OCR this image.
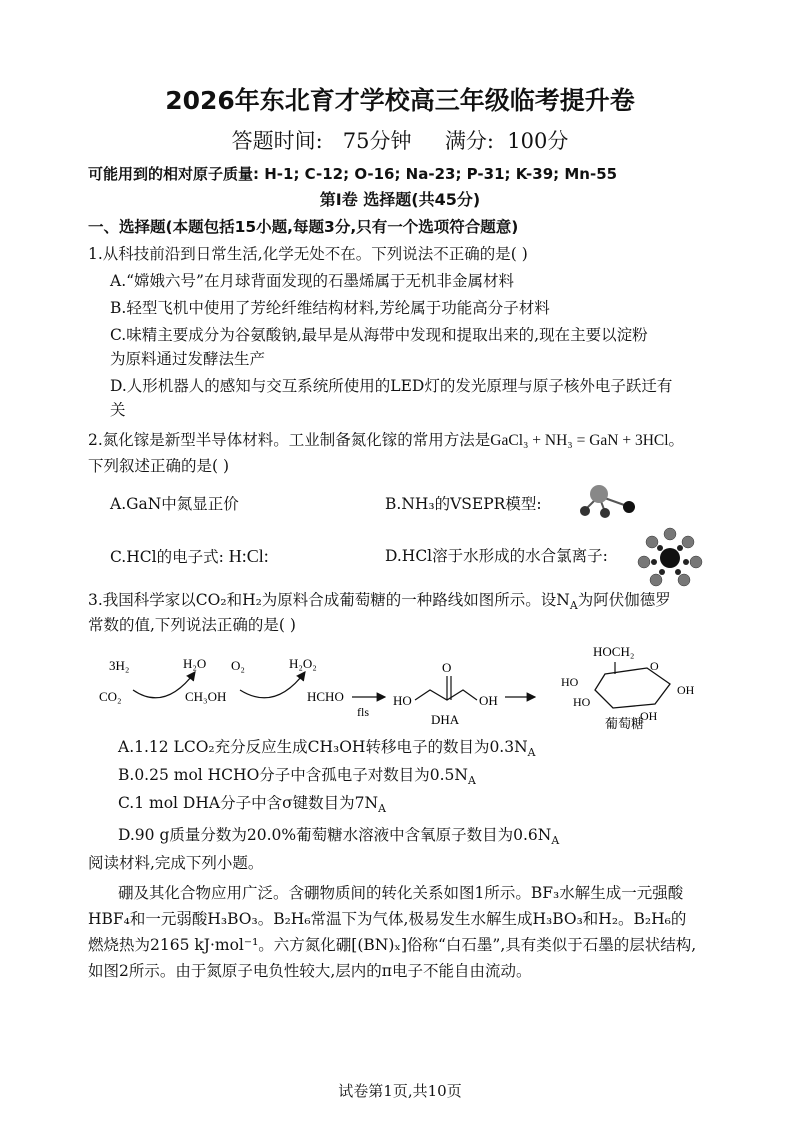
2026年东北育才学校高三年级临考提升卷
答题时间: 75分钟 满分: 100分
可能用到的相对原子质量: H-1; C-12; O-16; Na-23; P-31; K-39; Mn-55
第I卷 选择题(共45分)
一、选择题(本题包括15小题,每题3分,只有一个选项符合题意)
1.从科技前沿到日常生活,化学无处不在。下列说法不正确的是( )
A.“嫦娥六号”在月球背面发现的石墨烯属于无机非金属材料
B.轻型飞机中使用了芳纶纤维结构材料,芳纶属于功能高分子材料
C.味精主要成分为谷氨酸钠,最早是从海带中发现和提取出来的,现在主要以淀粉
为原料通过发酵法生产
D.人形机器人的感知与交互系统所使用的LED灯的发光原理与原子核外电子跃迁有
关
2.氮化镓是新型半导体材料。工业制备氮化镓的常用方法是GaCl₃ + NH₃ = GaN + 3HCl。
下列叙述正确的是( )
A.GaN中氮显正价	B.NH₃的VSEPR模型:
C.HCl的电子式: H:Cl:	D.HCl溶于水形成的水合氯离子:
3.我国科学家以CO₂和H₂为原料合成葡萄糖的一种路线如图所示。设$N_A$为阿伏伽德罗
常数的值,下列说法正确的是( )
3H₂	H₂O
CO₂	CH₃OH
O₂	H₂O₂
HCHO
fls
HO
O
OH
DHA
HOCH₂
O
HO
HO
OH
OH
葡萄糖
A.1.12 LCO₂充分反应生成CH₃OH转移电子的数目为$0.3N_A$
B.0.25 mol HCHO分子中含孤电子对数目为$0.5N_A$
C.1 mol DHA分子中含σ键数目为$7N_A$
D.90 g质量分数为20.0%葡萄糖水溶液中含氧原子数目为$0.6N_A$
阅读材料,完成下列小题。
硼及其化合物应用广泛。含硼物质间的转化关系如图1所示。BF₃水解生成一元强酸
HBF₄和一元弱酸H₃BO₃。B₂H₆常温下为气体,极易发生水解生成H₃BO₃和H₂。B₂H₆的
燃烧热为2165 kJ·mol⁻¹。六方氮化硼[(BN)ₓ]俗称“白石墨”,具有类似于石墨的层状结构,
如图2所示。由于氮原子电负性较大,层内的π电子不能自由流动。
试卷第1页,共10页
